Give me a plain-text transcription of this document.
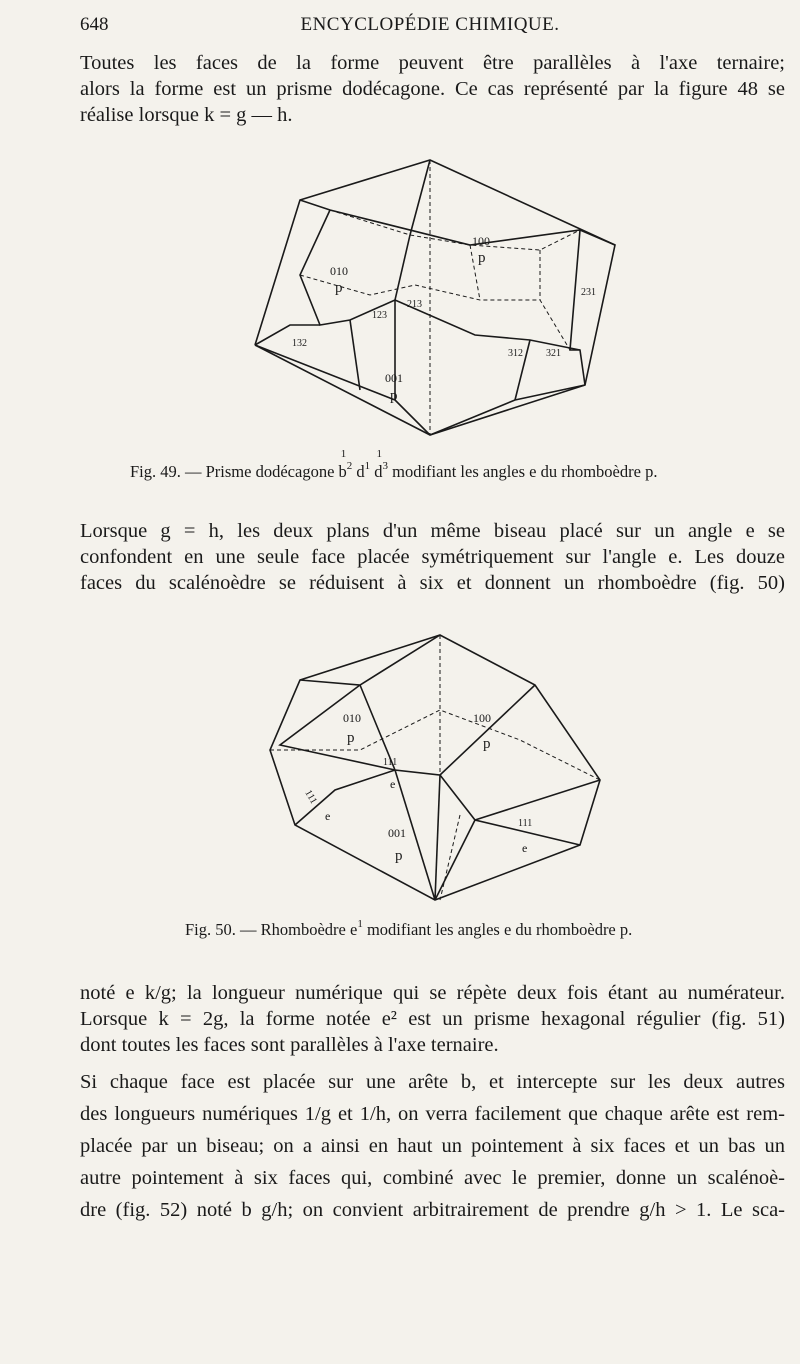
648	ENCYCLOPÉDIE CHIMIQUE.
Toutes les faces de la forme peuvent être parallèles à l'axe ternaire;
alors la forme est un prisme dodécagone. Ce cas représenté par la figure 48 se
réalise lorsque k = g — h.
100
p
010
p	231
213
123
132
312 321
001
p
Fig. 49. — Prisme dodécagone $b1^2$ $d^1$ $d1^3$ modifiant les angles e du rhomboèdre p.
Lorsque g = h, les deux plans d'un même biseau placé sur un angle e se
confondent en une seule face placée symétriquement sur l'angle e. Les douze
faces du scalénoèdre se réduisent à six et donnent un rhomboèdre (fig. 50)
010
p
100
p
111
e
111
e
001
p
111
e
Fig. 50. — Rhomboèdre $e^1$ modifiant les angles e du rhomboèdre p.
noté e k/g; la longueur numérique qui se répète deux fois étant au numérateur.
Lorsque k = 2g, la forme notée e² est un prisme hexagonal régulier (fig. 51)
dont toutes les faces sont parallèles à l'axe ternaire.
Si chaque face est placée sur une arête b, et intercepte sur les deux autres
des longueurs numériques 1/g et 1/h, on verra facilement que chaque arête est rem-
placée par un biseau; on a ainsi en haut un pointement à six faces et un bas un
autre pointement à six faces qui, combiné avec le premier, donne un scalénoè-
dre (fig. 52) noté b g/h; on convient arbitrairement de prendre g/h > 1. Le sca-
